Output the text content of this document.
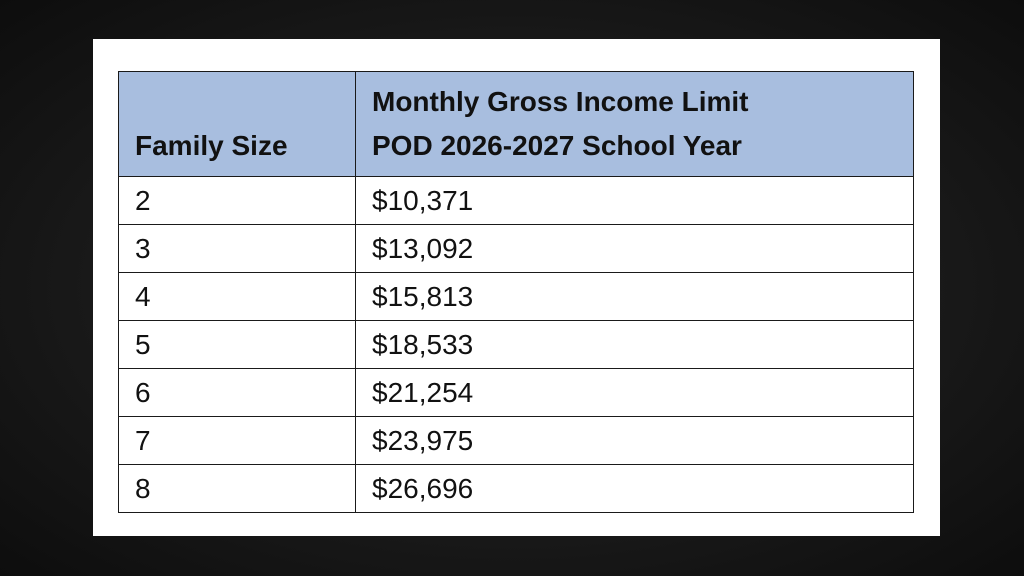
Family Size	Monthly Gross Income Limit
POD 2026-2027 School Year

2	$10,371
3	$13,092
4	$15,813
5	$18,533
6	$21,254
7	$23,975
8	$26,696
